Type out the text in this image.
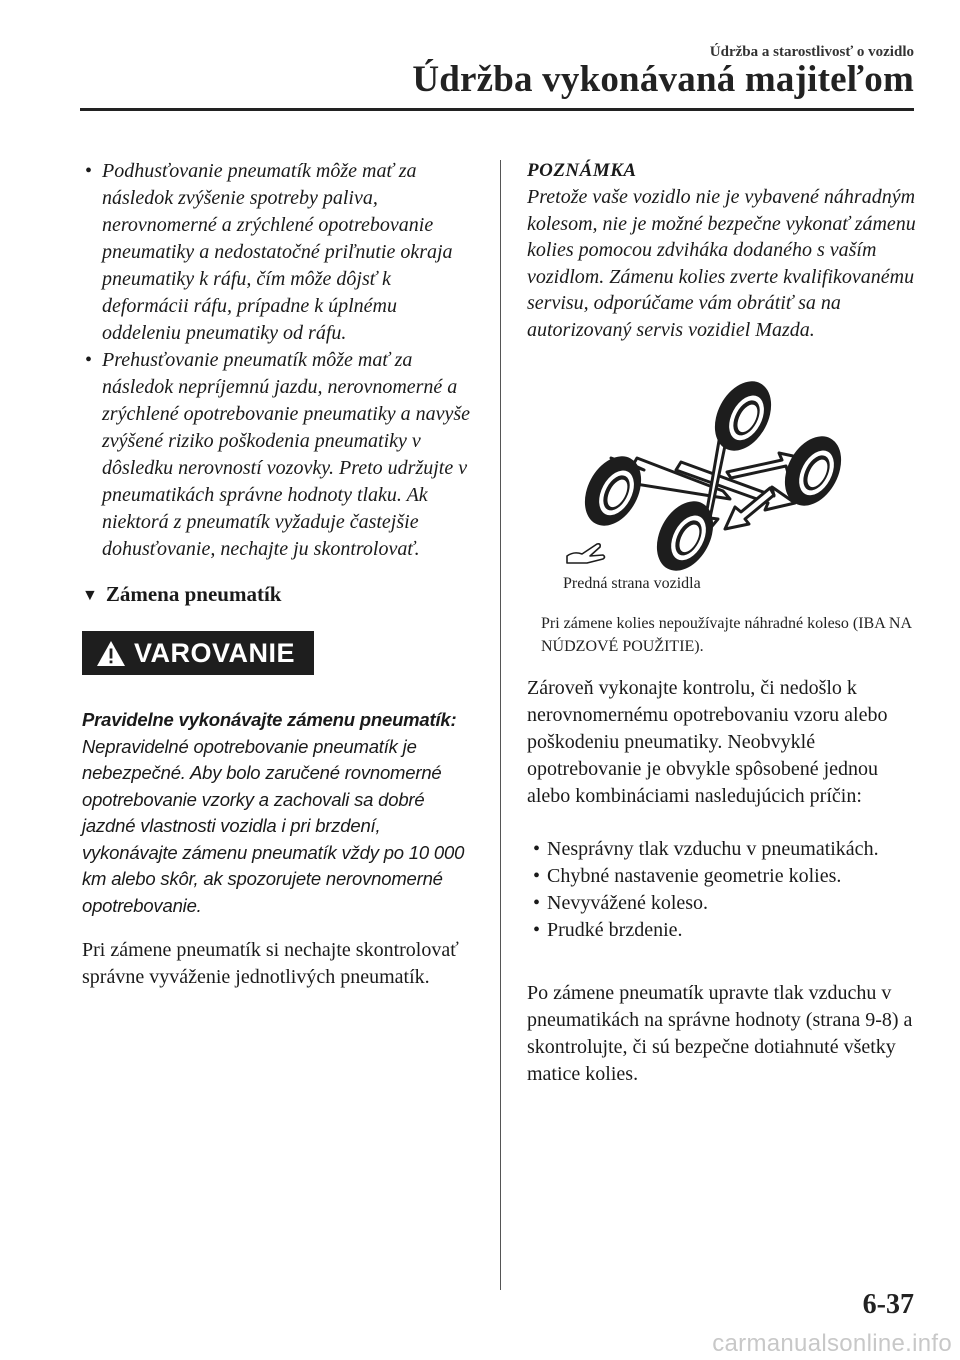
Údržba a starostlivosť o vozidlo
Údržba vykonávaná majiteľom
• Podhusťovanie pneumatík môže mať za následok zvýšenie spotreby paliva, nerovnomerné a zrýchlené opotrebovanie pneumatiky a nedostatočné priľnutie okraja pneumatiky k ráfu, čím môže dôjsť k deformácii ráfu, prípadne k úplnému oddeleniu pneumatiky od ráfu.
• Prehusťovanie pneumatík môže mať za následok nepríjemnú jazdu, nerovnomerné a zrýchlené opotrebovanie pneumatiky a navyše zvýšené riziko poškodenia pneumatiky v dôsledku nerovností vozovky. Preto udržujte v pneumatikách správne hodnoty tlaku. Ak niektorá z pneumatík vyžaduje častejšie dohusťovanie, nechajte ju skontrolovať.
▼ Zámena pneumatík
VAROVANIE
Pravidelne vykonávajte zámenu pneumatík:
Nepravidelné opotrebovanie pneumatík je nebezpečné. Aby bolo zaručené rovnomerné opotrebovanie vzorky a zachovali sa dobré jazdné vlastnosti vozidla i pri brzdení, vykonávajte zámenu pneumatík vždy po 10 000 km alebo skôr, ak spozorujete nerovnomerné opotrebovanie.
Pri zámene pneumatík si nechajte skontrolovať správne vyváženie jednotlivých pneumatík.
POZNÁMKA
Pretože vaše vozidlo nie je vybavené náhradným kolesom, nie je možné bezpečne vykonať zámenu kolies pomocou zdviháka dodaného s vaším vozidlom. Zámenu kolies zverte kvalifikovanému servisu, odporúčame vám obrátiť sa na autorizovaný servis vozidiel Mazda.
Predná strana vozidla
Pri zámene kolies nepoužívajte náhradné koleso (IBA NA NÚDZOVÉ POUŽITIE).
Zároveň vykonajte kontrolu, či nedošlo k nerovnomernému opotrebovaniu vzoru alebo poškodeniu pneumatiky. Neobvyklé opotrebovanie je obvykle spôsobené jednou alebo kombináciami nasledujúcich príčin:
• Nesprávny tlak vzduchu v pneumatikách.
• Chybné nastavenie geometrie kolies.
• Nevyvážené koleso.
• Prudké brzdenie.
Po zámene pneumatík upravte tlak vzduchu v pneumatikách na správne hodnoty (strana 9-8) a skontrolujte, či sú bezpečne dotiahnuté všetky matice kolies.
6-37
carmanualsonline.info
